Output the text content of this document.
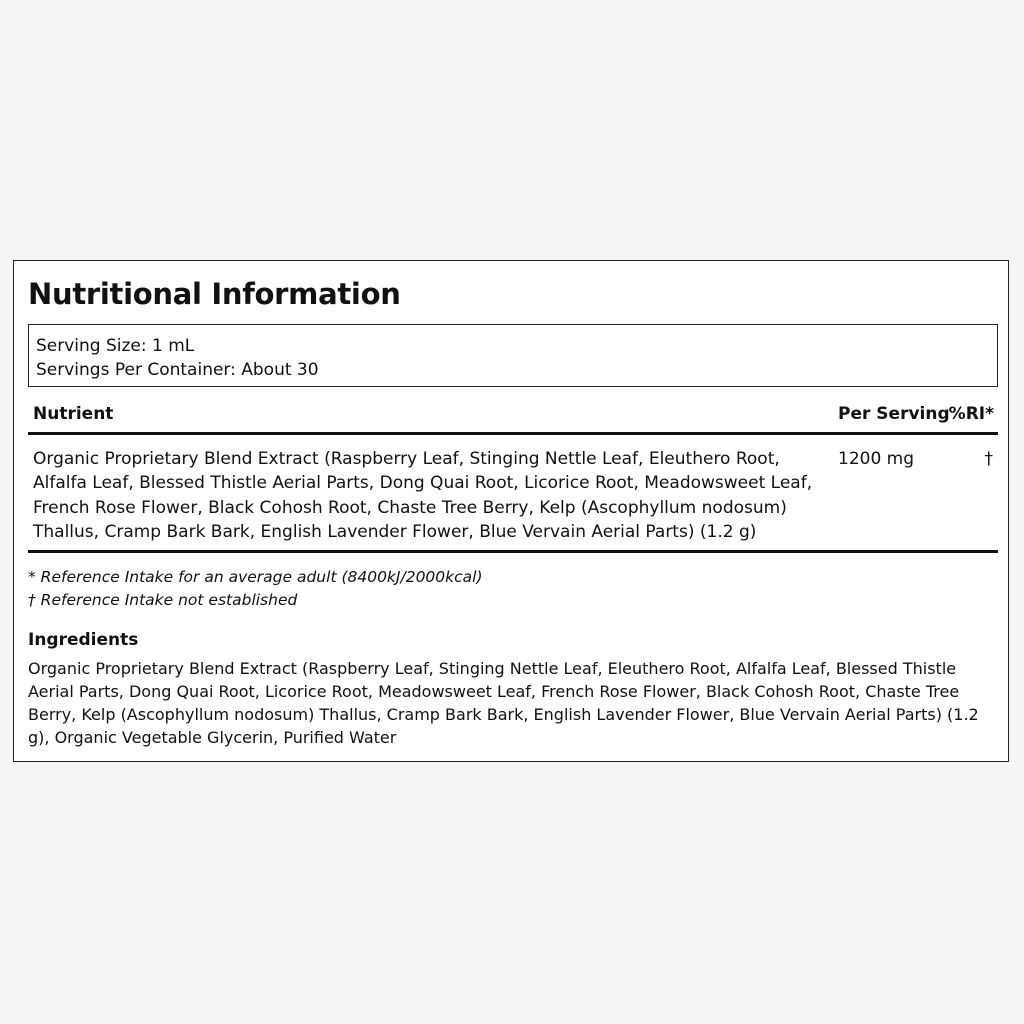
Nutritional Information
Serving Size: 1 mL
Servings Per Container: About 30
Nutrient	Per Serving %RI*
Organic Proprietary Blend Extract (Raspberry Leaf, Stinging Nettle Leaf, Eleuthero Root, Alfalfa Leaf, Blessed Thistle Aerial Parts, Dong Quai Root, Licorice Root, Meadowsweet Leaf, French Rose Flower, Black Cohosh Root, Chaste Tree Berry, Kelp (Ascophyllum nodosum) Thallus, Cramp Bark Bark, English Lavender Flower, Blue Vervain Aerial Parts) (1.2 g)
1200 mg	†
* Reference Intake for an average adult (8400kJ/2000kcal)
† Reference Intake not established
Ingredients
Organic Proprietary Blend Extract (Raspberry Leaf, Stinging Nettle Leaf, Eleuthero Root, Alfalfa Leaf, Blessed Thistle Aerial Parts, Dong Quai Root, Licorice Root, Meadowsweet Leaf, French Rose Flower, Black Cohosh Root, Chaste Tree Berry, Kelp (Ascophyllum nodosum) Thallus, Cramp Bark Bark, English Lavender Flower, Blue Vervain Aerial Parts) (1.2 g), Organic Vegetable Glycerin, Purified Water
